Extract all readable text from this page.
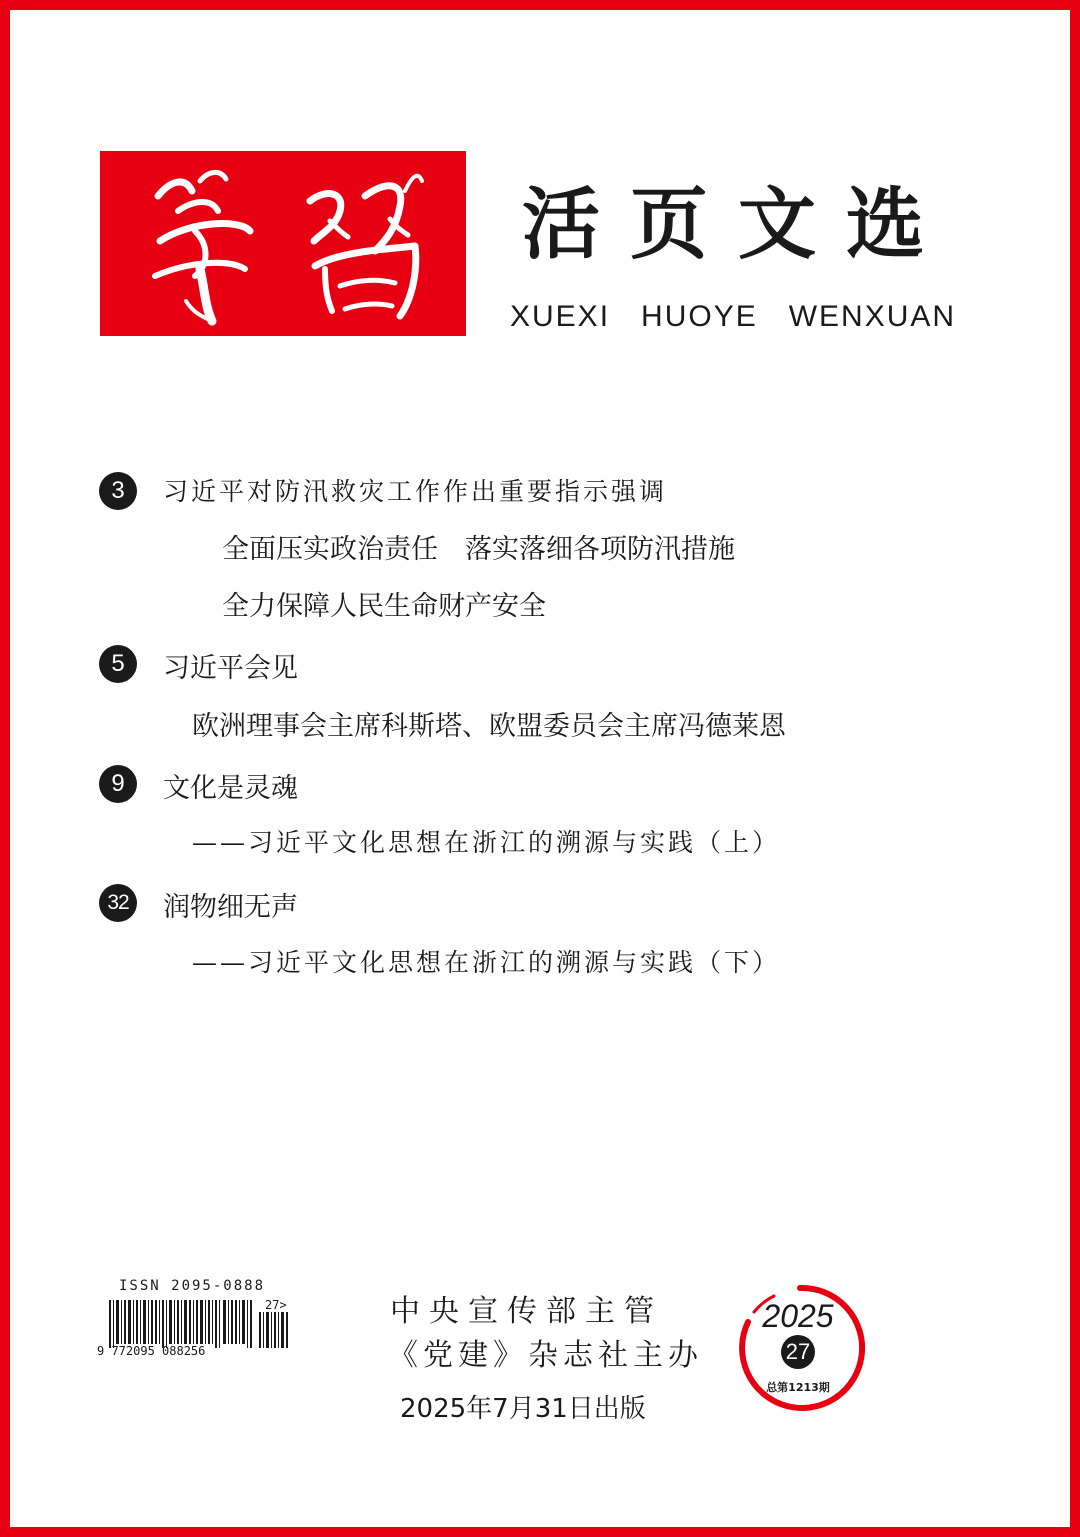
活页文选
XUEXI   HUOYE   WENXUAN
3	习近平对防汛救灾工作作出重要指示强调
全面压实政治责任　落实落细各项防汛措施
全力保障人民生命财产安全
5	习近平会见
欧洲理事会主席科斯塔、欧盟委员会主席冯德莱恩
9	文化是灵魂
——习近平文化思想在浙江的溯源与实践（上）
32	润物细无声
——习近平文化思想在浙江的溯源与实践（下）
ISSN 2095-0888
9 772095 088256
27>	中央宣传部主管
《党建》杂志社主办
2025年7月31日出版
2025
27
总第1213期
